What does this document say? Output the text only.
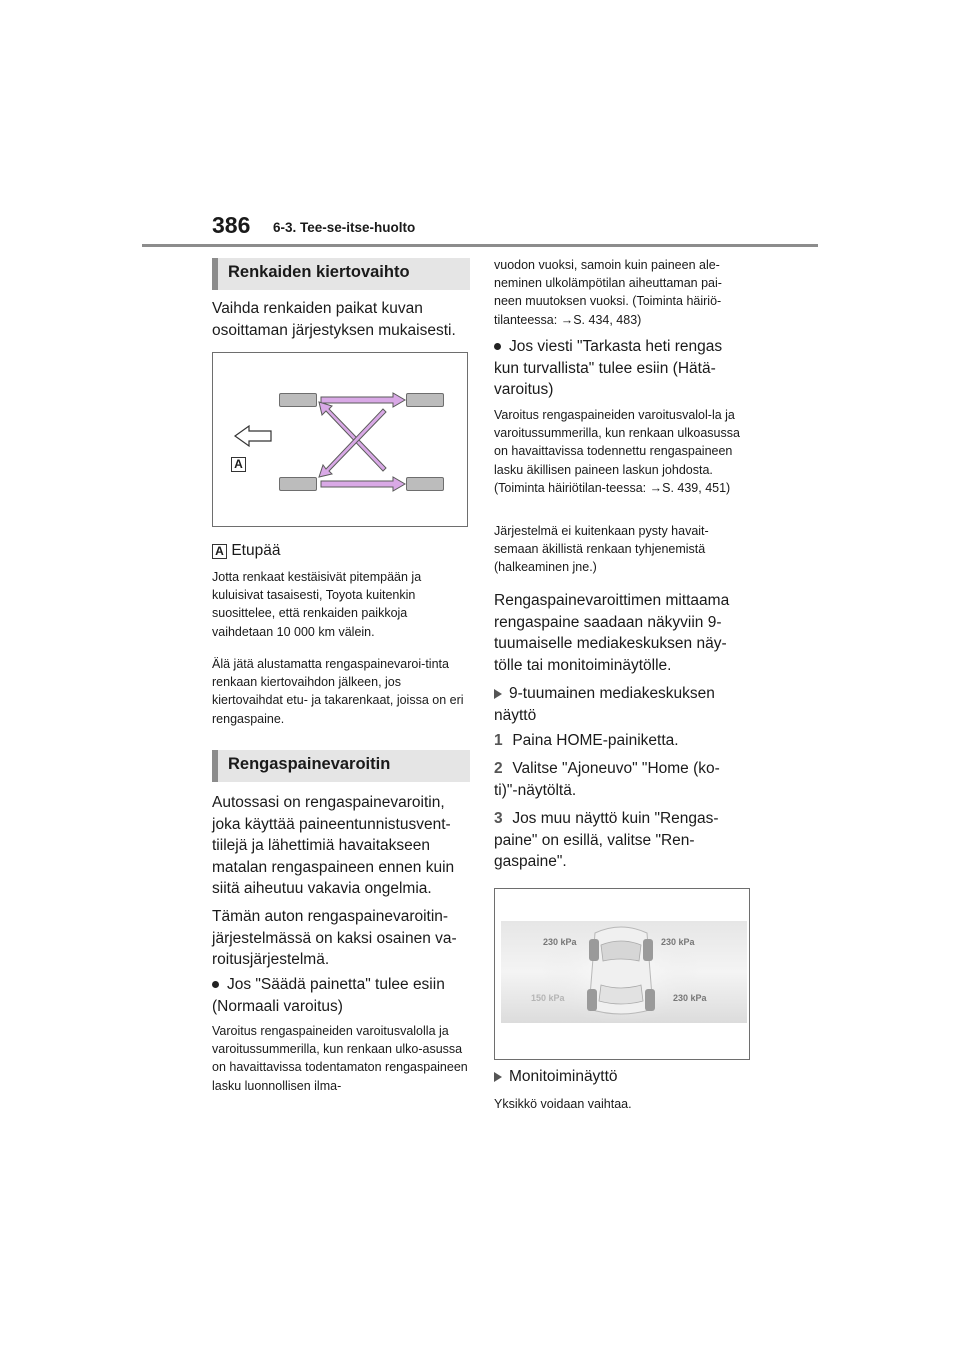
386 6-3. Tee-se-itse-huolto
Renkaiden kiertovaihto
Vaihda renkaiden paikat kuvan osoittaman järjestyksen mukaisesti.
A
A Etupää
Jotta renkaat kestäisivät pitempään ja kuluisivat tasaisesti, Toyota kuitenkin suosittelee, että renkaiden paikkoja vaihdetaan 10 000 km välein.
Älä jätä alustamatta rengaspainevaroi-tinta renkaan kiertovaihdon jälkeen, jos kiertovaihdat etu- ja takarenkaat, joissa on eri rengaspaine.
Rengaspainevaroitin
Autossasi on rengaspainevaroitin, joka käyttää paineentunnistusvent-tiilejä ja lähettimiä havaitakseen matalan rengaspaineen ennen kuin siitä aiheutuu vakavia ongelmia.
Tämän auton rengaspainevaroitin-järjestelmässä on kaksi osainen va-roitusjärjestelmä.
Jos "Säädä painetta" tulee esiin (Normaali varoitus)
Varoitus rengaspaineiden varoitusvalolla ja varoitussummerilla, kun renkaan ulko-asussa on havaittavissa todentamaton rengaspaineen lasku luonnollisen ilma-
vuodon vuoksi, samoin kuin paineen ale-neminen ulkolämpötilan aiheuttaman pai-neen muutoksen vuoksi. (Toiminta häiriö-tilanteessa: →S. 434, 483)
Jos viesti "Tarkasta heti rengas kun turvallista" tulee esiin (Hätä-varoitus)
Varoitus rengaspaineiden varoitusvalol-la ja varoitussummerilla, kun renkaan ulkoasussa on havaittavissa todennettu rengaspaineen lasku äkillisen paineen laskun johdosta. (Toiminta häiriötilan-teessa: →S. 439, 451)
Järjestelmä ei kuitenkaan pysty havait-semaan äkillistä renkaan tyhjenemistä (halkeaminen jne.)
Rengaspainevaroittimen mittaama rengaspaine saadaan näkyviin 9-tuumaiselle mediakeskuksen näy-tölle tai monitoiminäytölle.
9-tuumainen mediakeskuksen näyttö
1 Paina HOME-painiketta.
2 Valitse "Ajoneuvo" "Home (ko-ti)"-näytöltä.
3 Jos muu näyttö kuin "Rengas-paine" on esillä, valitse "Ren-gaspaine".
230 kPa	230 kPa
150 kPa	230 kPa
Monitoiminäyttö
Yksikkö voidaan vaihtaa.
